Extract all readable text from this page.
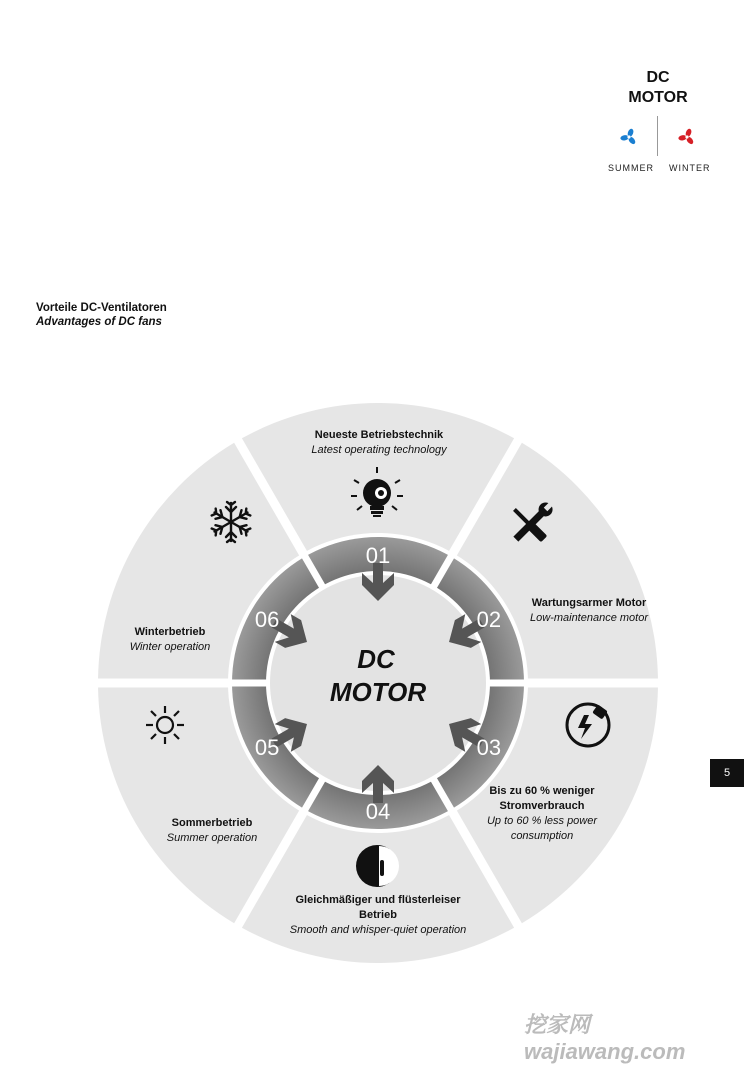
DC
MOTOR
SUMMER WINTER
Vorteile DC-Ventilatoren
Advantages of DC fans
01
02
03
04
05
06
DC
MOTOR
Neueste Betriebstechnik
Latest operating technology
Wartungsarmer Motor
Low-maintenance motor
Bis zu 60 % weniger Stromverbrauch
Up to 60 % less power consumption
Gleichmäßiger und flüsterleiser Betrieb
Smooth and whisper-quiet operation
Sommerbetrieb
Summer operation
Winterbetrieb
Winter operation
5
挖家网 wajiawang.com
